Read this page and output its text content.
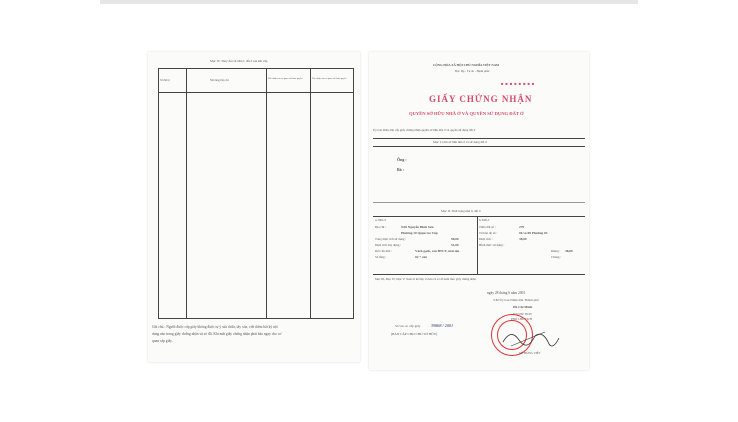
Mục IV. Thay đổi về nhà ở, đất ở sau khi cấp
Số thứ tự	Nội dung thay đổi	Xác nhận của cơ quan có thẩm quyền	Xác nhận của cơ quan có thẩm quyền
Ghi chú : Người được cấp giấy không được tự ý sửa chữa, tẩy xóa, viết thêm bất kỳ nội
dung nào trong giấy chứng nhận và sơ đồ. Khi mất giấy chứng nhận phải báo ngay cho cơ
quan cấp giấy.
CỘNG HÒA XÃ HỘI CHỦ NGHĨA VIỆT NAM
Độc lập - Tự do - Hạnh phúc
■ ■ ■ ■ ■ ■ ■ ■
GIẤY CHỨNG NHẬN
QUYỀN SỞ HỮU NHÀ Ở VÀ QUYỀN SỬ DỤNG ĐẤT Ở
Ủy ban nhân dân cấp giấy chứng nhận quyền sở hữu nhà ở và quyền sử dụng đất ở
Mục I. Chủ sở hữu nhà ở và sử dụng đất ở
Ông :
Bà :
Mục II. Tình trạng nhà ở, đất ở
a/ Nhà ở	b/ Đất ở
Địa chỉ :	9/36 Nguyễn Đình Sơn
Phường 10 Quận Gò Vấp
Tổng diện tích sử dụng :	90,00
Diện tích xây dựng :	51,00
Kết cấu nhà :	Vách gạch, sàn BTCT, mái tôn
Số tầng :	02 + sân
Thửa đất số :	279
Tờ bản đồ số :	06 và 08 Phường 03
Diện tích :	38,00
Hình thức sử dụng :
Riêng : 38,00
Chung :
Mục III, Mục IV, Mục V: Xem tờ kế tiếp và bản vẽ sơ đồ kèm theo giấy chứng nhận
ngày 28 tháng 6 năm 2001
T.M Ủy ban Nhân dân Thành phố
Hồ Chí Minh
KT.CHỦ TỊCH
PHÓ CHỦ TỊCH
VŨ HÙNG VIỆT
Số vào sổ cấp giấy	39868 / 2001
(BẢN CẤP CHO CHỦ SỞ HỮU)
